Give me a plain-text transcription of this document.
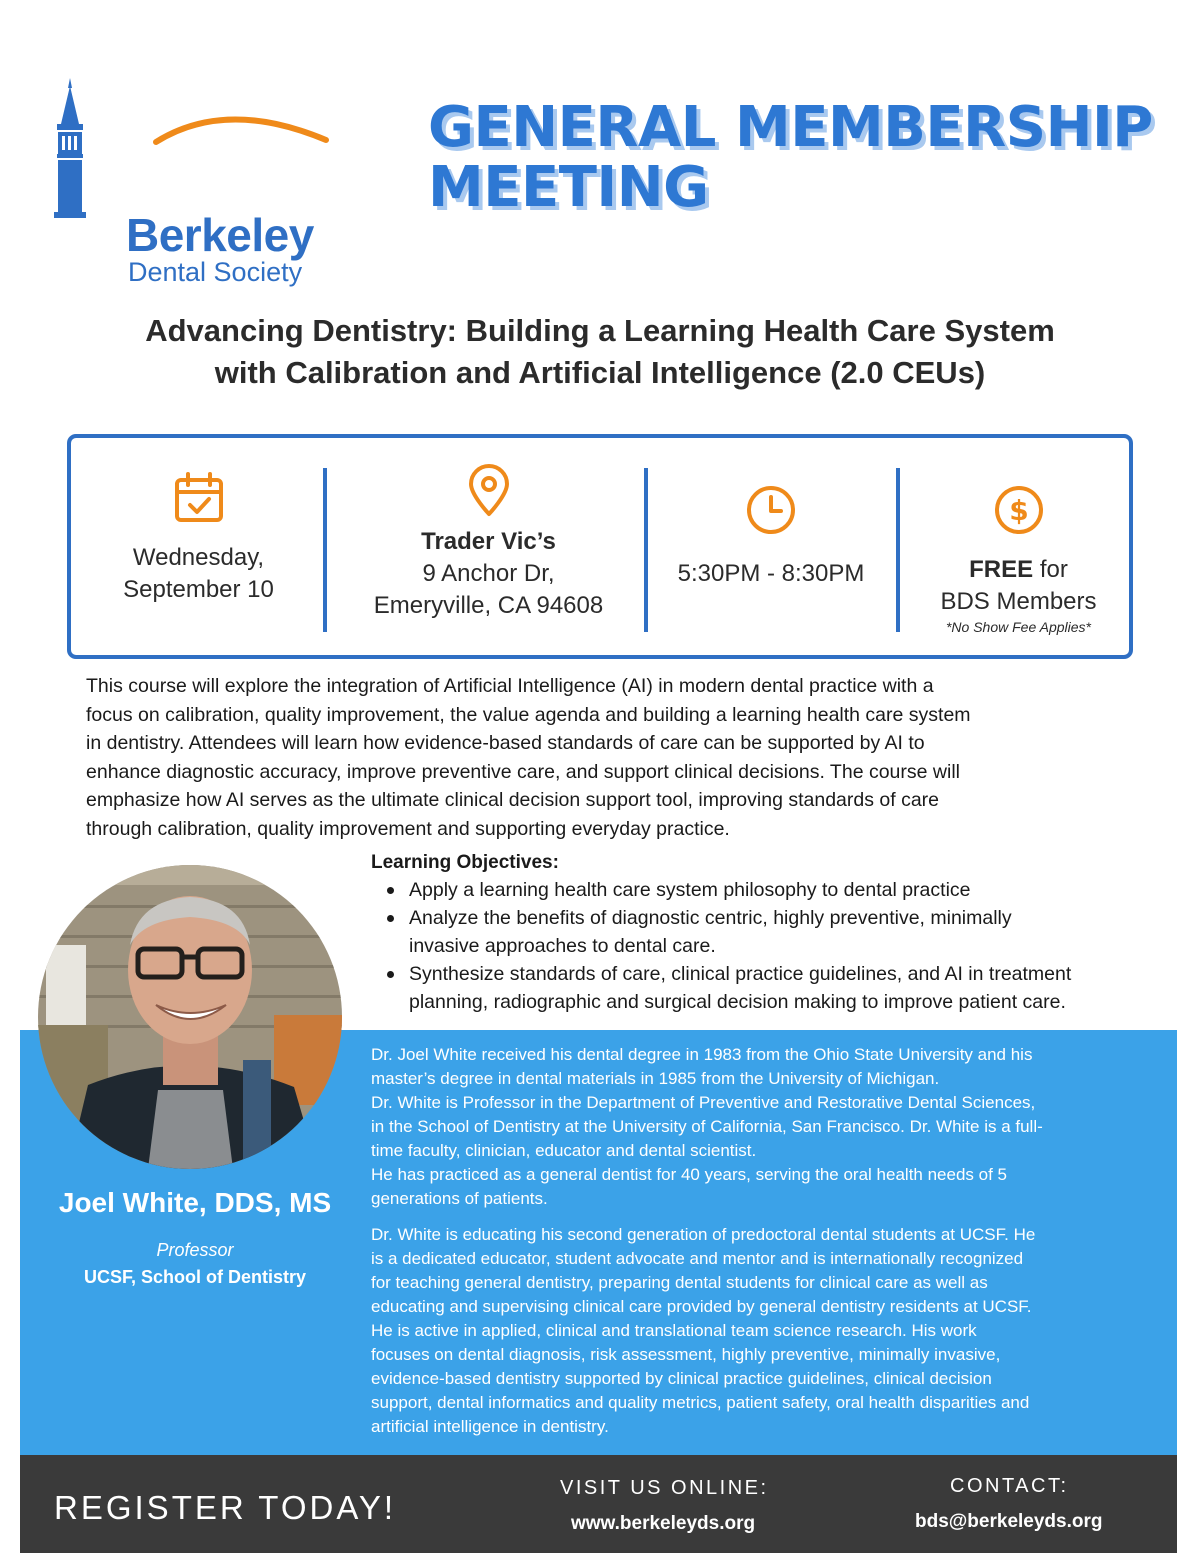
Berkeley
Dental Society
GENERAL MEMBERSHIP
MEETING
Advancing Dentistry: Building a Learning Health Care System
with Calibration and Artificial Intelligence (2.0 CEUs)
Wednesday,
September 10
Trader Vic’s
9 Anchor Dr,
Emeryville, CA 94608
5:30PM - 8:30PM
$
FREE for
BDS Members
*No Show Fee Applies*
This course will explore the integration of Artificial Intelligence (AI) in modern dental practice with a
focus on calibration, quality improvement, the value agenda and building a learning health care system
in dentistry. Attendees will learn how evidence-based standards of care can be supported by AI to
enhance diagnostic accuracy, improve preventive care, and support clinical decisions. The course will
emphasize how AI serves as the ultimate clinical decision support tool, improving standards of care
through calibration, quality improvement and supporting everyday practice.
Learning Objectives:
Apply a learning health care system philosophy to dental practice
Analyze the benefits of diagnostic centric, highly preventive, minimally
invasive approaches to dental care.
Synthesize standards of care, clinical practice guidelines, and AI in treatment
planning, radiographic and surgical decision making to improve patient care.
Joel White, DDS, MS
Professor
UCSF, School of Dentistry

Dr. Joel White received his dental degree in 1983 from the Ohio State University and his
master’s degree in dental materials in 1985 from the University of Michigan.
Dr. White is Professor in the Department of Preventive and Restorative Dental Sciences,
in the School of Dentistry at the University of California, San Francisco. Dr. White is a full-
time faculty, clinician, educator and dental scientist.
He has practiced as a general dentist for 40 years, serving the oral health needs of 5
generations of patients.

Dr. White is educating his second generation of predoctoral dental students at UCSF. He
is a dedicated educator, student advocate and mentor and is internationally recognized
for teaching general dentistry, preparing dental students for clinical care as well as
educating and supervising clinical care provided by general dentistry residents at UCSF.
He is active in applied, clinical and translational team science research. His work
focuses on dental diagnosis, risk assessment, highly preventive, minimally invasive,
evidence-based dentistry supported by clinical practice guidelines, clinical decision
support, dental informatics and quality metrics, patient safety, oral health disparities and
artificial intelligence in dentistry.

REGISTER TODAY!
VISIT US ONLINE:
www.berkeleyds.org
CONTACT:
bds@berkeleyds.org
